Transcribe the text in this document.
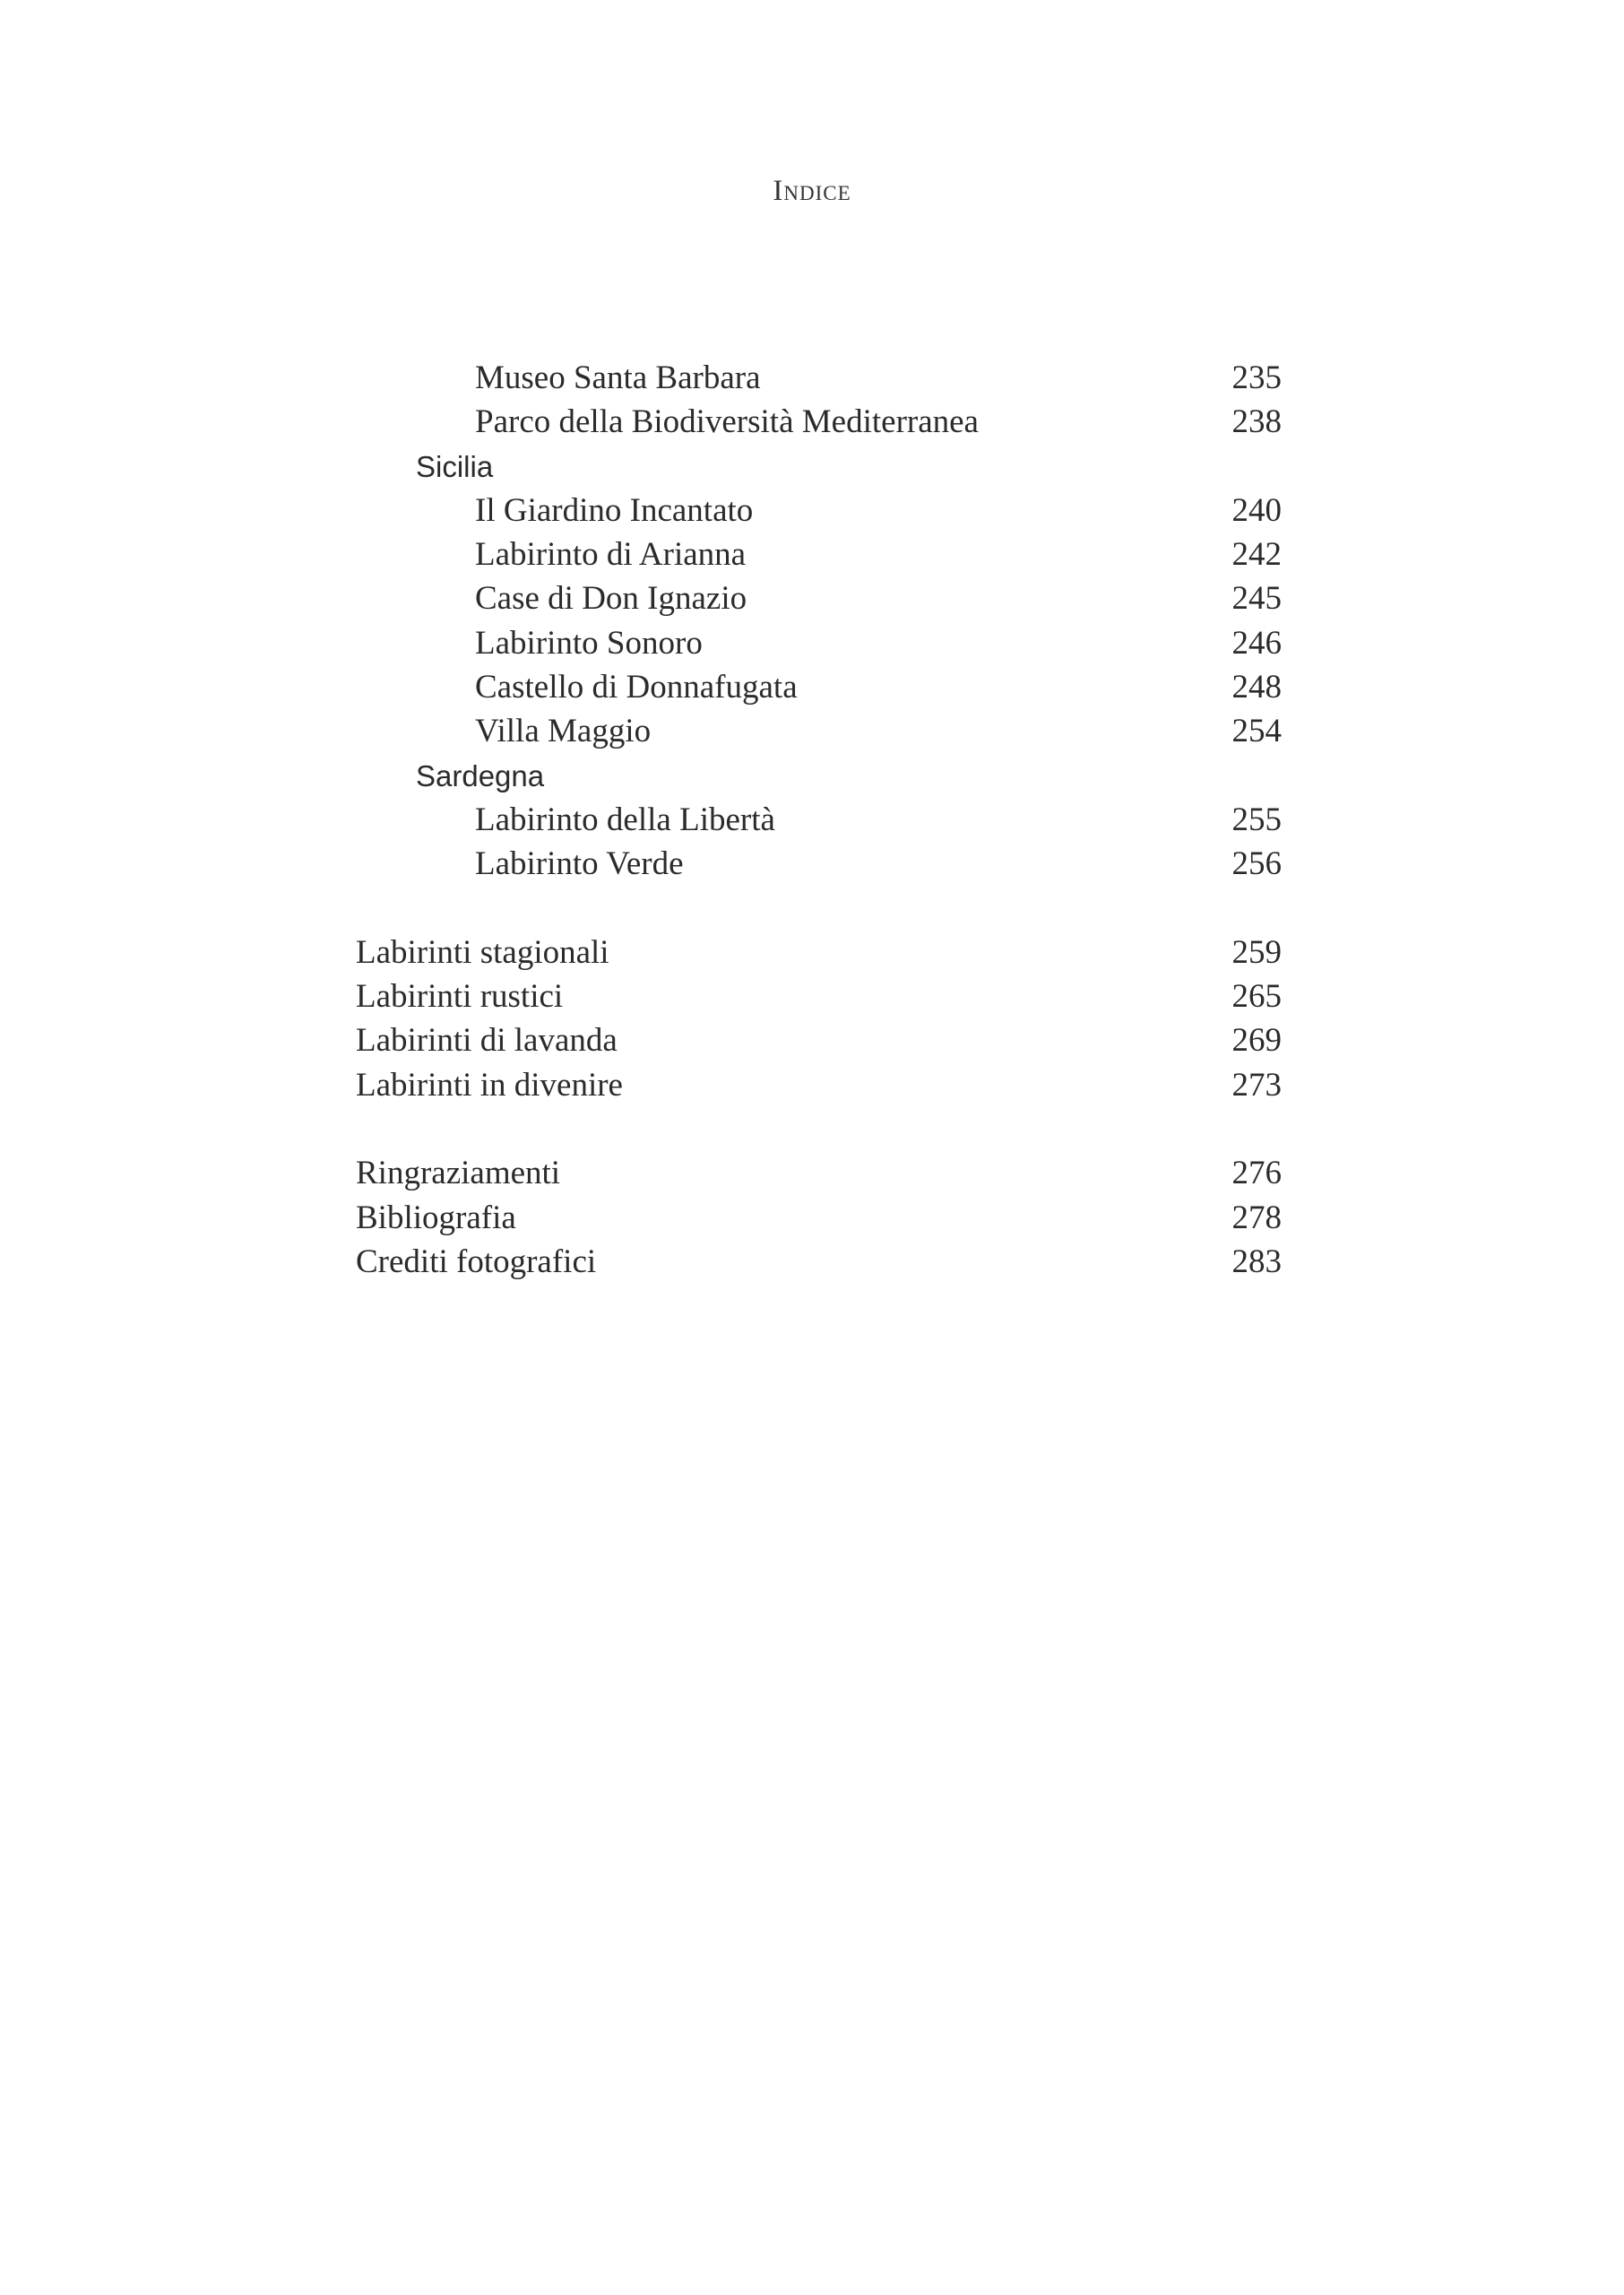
Indice
Museo Santa Barbara	235
Parco della Biodiversità Mediterranea	238
Sicilia
Il Giardino Incantato	240
Labirinto di Arianna	242
Case di Don Ignazio	245
Labirinto Sonoro	246
Castello di Donnafugata	248
Villa Maggio	254
Sardegna
Labirinto della Libertà	255
Labirinto Verde	256
Labirinti stagionali	259
Labirinti rustici	265
Labirinti di lavanda	269
Labirinti in divenire	273
Ringraziamenti	276
Bibliografia	278
Crediti fotografici	283
